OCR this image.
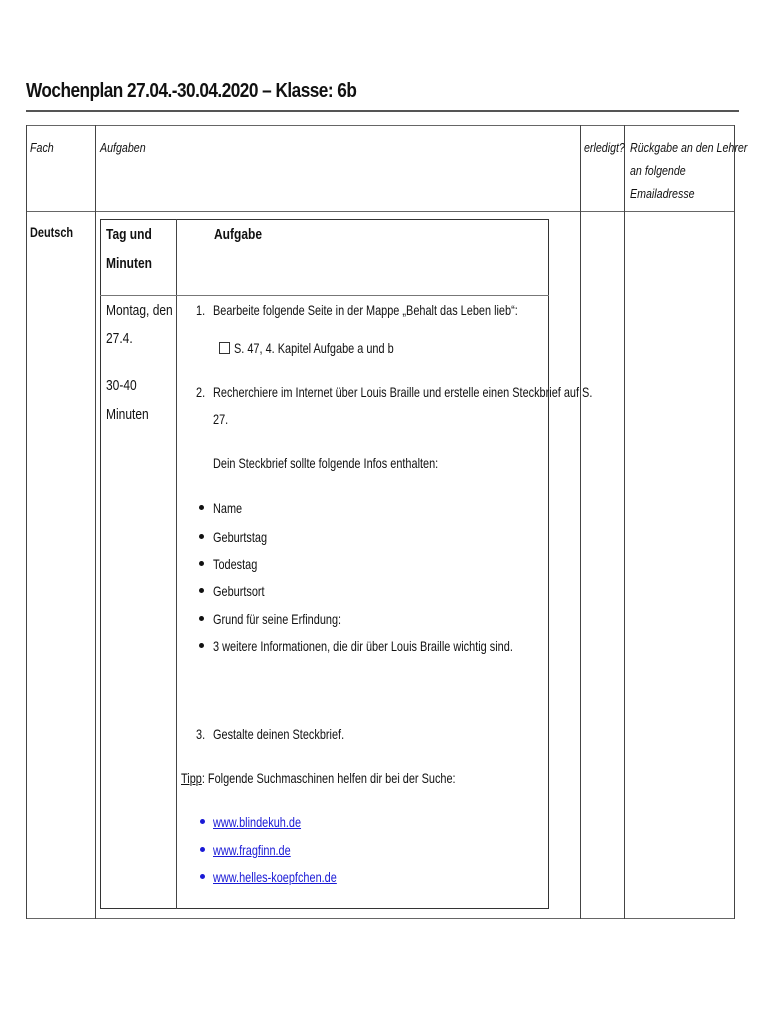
Wochenplan 27.04.-30.04.2020 – Klasse: 6b
Fach	Aufgaben	erledigt? Rückgabe an den Lehrer
an folgende
Emailadresse
Deutsch Tag und
Minuten
Aufgabe
Montag, den
27.4.
30-40
Minuten
1. Bearbeite folgende Seite in der Mappe „Behalt das Leben lieb“:
S. 47, 4. Kapitel Aufgabe a und b
2. Recherchiere im Internet über Louis Braille und erstelle einen Steckbrief auf S.
27.
Dein Steckbrief sollte folgende Infos enthalten:
Name
Geburtstag
Todestag
Geburtsort
Grund für seine Erfindung:
3 weitere Informationen, die dir über Louis Braille wichtig sind.
3. Gestalte deinen Steckbrief.
Tipp: Folgende Suchmaschinen helfen dir bei der Suche:
www.blindekuh.de
www.fragfinn.de
www.helles-koepfchen.de
